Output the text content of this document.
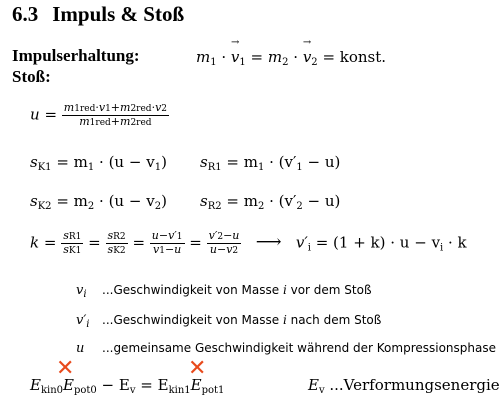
6.3 Impuls & Stoß
Impulserhaltung:	$m_1$ · → $v_1 = m_2$ · → $v_2$ = konst.
Stoß:
$u = \frac{\text{m1red·v1+m2red·v2}}{\text{m1red+m2red}}$
$s_{K1} = m_1 \cdot (u - v_1) s_{R1} = m_1 \cdot (v'_1 - u)$
$s_{K2} = m_2 \cdot (u - v_2) s_{R2} = m_2 \cdot (v'_2 - u)$
$k = \frac{sR1}{sK1} = \frac{sR2}{sK2} = \frac{u-v'1}{v1-u} = \frac{v'2-u}{u-v2}$ ⟶ $v'_i = (1 + k) \cdot u - v_i \cdot k$
$v_i$ ...Geschwindigkeit von Masse i vor dem Stoß
$v'_i$ ...Geschwindigkeit von Masse i nach dem Stoß
u ...gemeinsame Geschwindigkeit während der Kompressionsphase
$E_{kin0}E_{pot0} - E_v = E_{kin1}E_{pot1}$
✕	✕
$E_v$ ...Verformungsenergie
